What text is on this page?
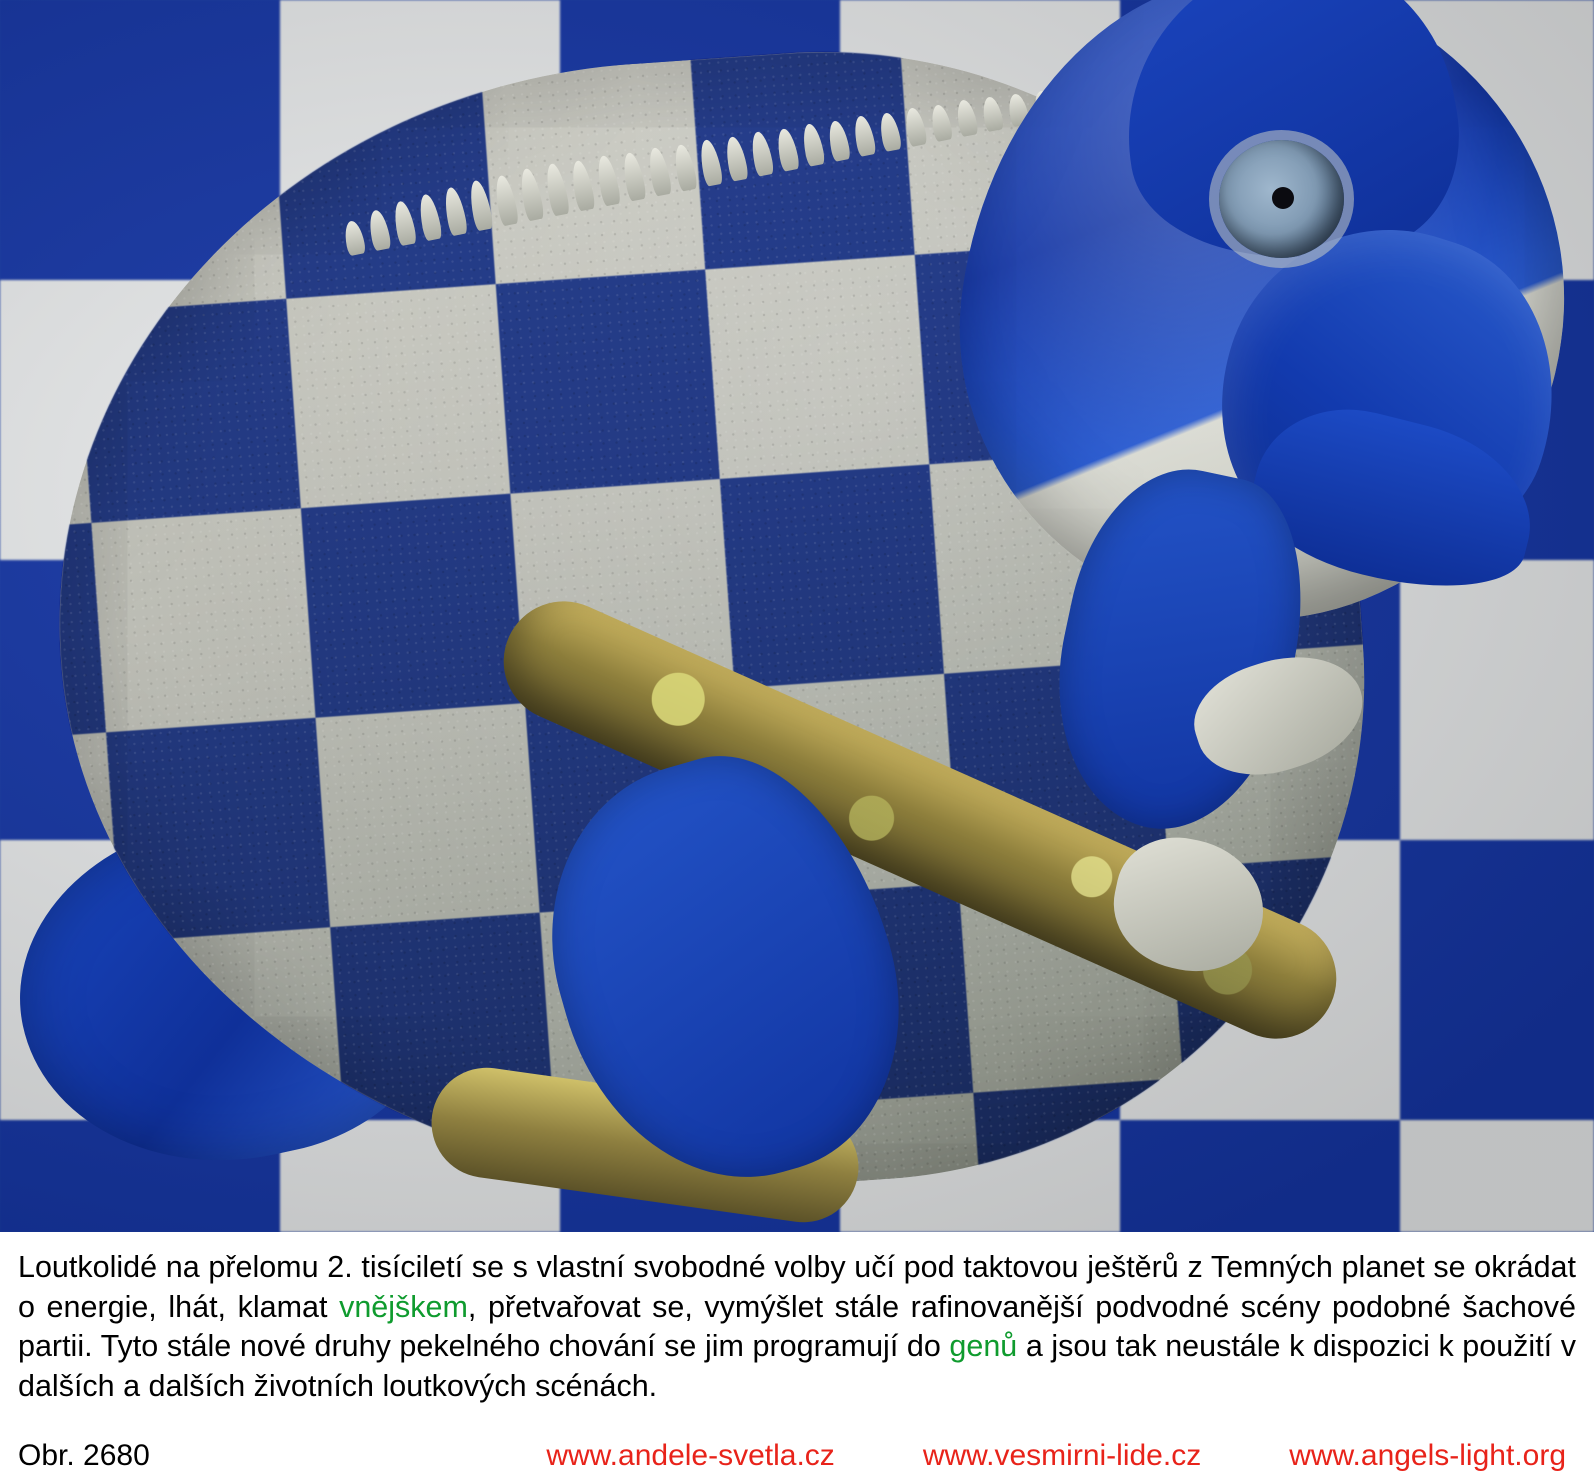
Loutkolidé na přelomu 2. tisíciletí se s vlastní svobodné volby učí pod taktovou ještěrů z Temných planet se okrádat o energie, lhát, klamat vnějškem, přetvařovat se, vymýšlet stále rafinovanější podvodné scény podobné šachové partii. Tyto stále nové druhy pekelného chování se jim programují do genů a jsou tak neustále k dispozici k použití v dalších a dalších životních loutkových scénách.

Obr. 2680	www.andele-svetla.cz	www.vesmirni-lide.cz	www.angels-light.org
